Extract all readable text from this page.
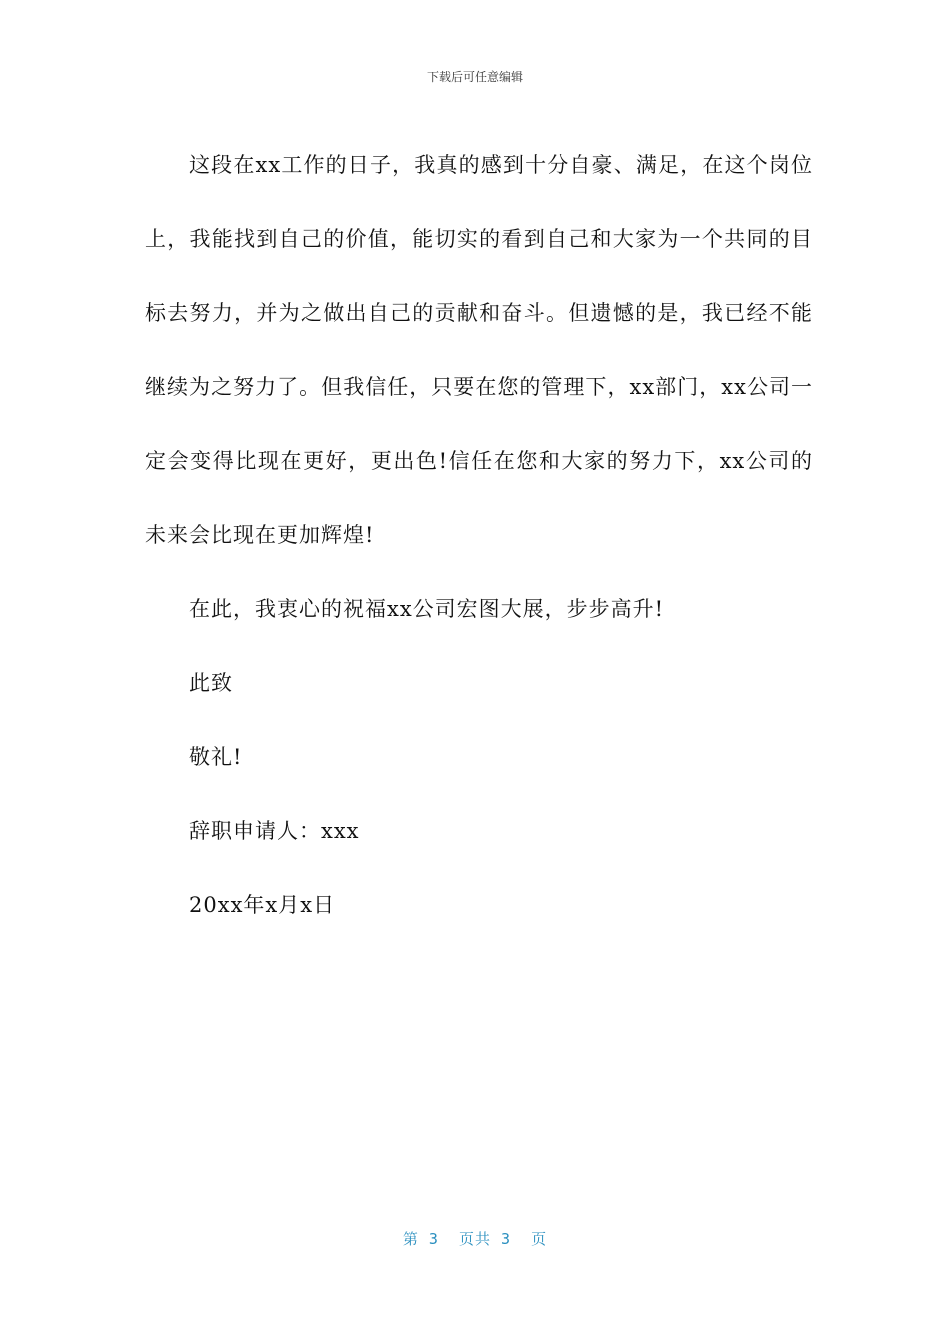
下载后可任意编辑

这段在xx工作的日子，我真的感到十分自豪、满足，在这个岗位上，我能找到自己的价值，能切实的看到自己和大家为一个共同的目标去努力，并为之做出自己的贡献和奋斗。但遗憾的是，我已经不能继续为之努力了。但我信任，只要在您的管理下，xx部门，xx公司一定会变得比现在更好，更出色!信任在您和大家的努力下，xx公司的未来会比现在更加辉煌!

在此，我衷心的祝福xx公司宏图大展，步步高升!

此致

敬礼!

辞职申请人：xxx

20xx年x月x日

第 3  页共 3  页
